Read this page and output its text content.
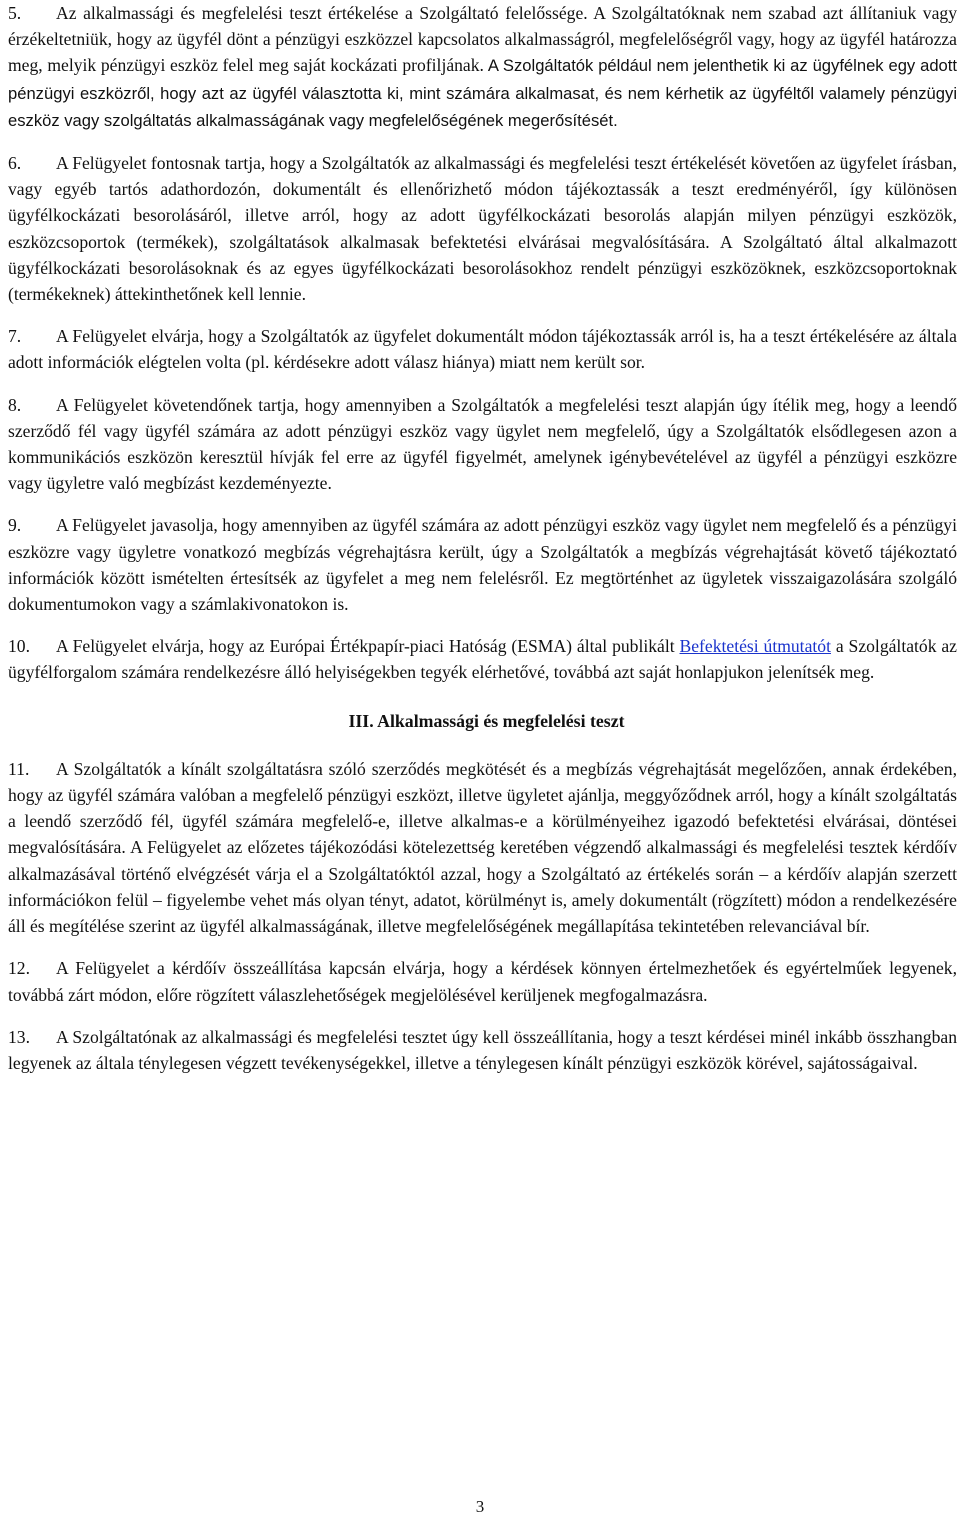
5. Az alkalmassági és megfelelési teszt értékelése a Szolgáltató felelőssége. A Szolgáltatóknak nem szabad azt állítaniuk vagy érzékeltetniük, hogy az ügyfél dönt a pénzügyi eszközzel kapcsolatos alkalmasságról, megfelelőségről vagy, hogy az ügyfél határozza meg, melyik pénzügyi eszköz felel meg saját kockázati profiljának. A Szolgáltatók például nem jelenthetik ki az ügyfélnek egy adott pénzügyi eszközről, hogy azt az ügyfél választotta ki, mint számára alkalmasat, és nem kérhetik az ügyféltől valamely pénzügyi eszköz vagy szolgáltatás alkalmasságának vagy megfelelőségének megerősítését.

6. A Felügyelet fontosnak tartja, hogy a Szolgáltatók az alkalmassági és megfelelési teszt értékelését követően az ügyfelet írásban, vagy egyéb tartós adathordozón, dokumentált és ellenőrizhető módon tájékoztassák a teszt eredményéről, így különösen ügyfélkockázati besorolásáról, illetve arról, hogy az adott ügyfélkockázati besorolás alapján milyen pénzügyi eszközök, eszközcsoportok (termékek), szolgáltatások alkalmasak befektetési elvárásai megvalósítására. A Szolgáltató által alkalmazott ügyfélkockázati besorolásoknak és az egyes ügyfélkockázati besorolásokhoz rendelt pénzügyi eszközöknek, eszközcsoportoknak (termékeknek) áttekinthetőnek kell lennie.

7. A Felügyelet elvárja, hogy a Szolgáltatók az ügyfelet dokumentált módon tájékoztassák arról is, ha a teszt értékelésére az általa adott információk elégtelen volta (pl. kérdésekre adott válasz hiánya) miatt nem került sor.

8. A Felügyelet követendőnek tartja, hogy amennyiben a Szolgáltatók a megfelelési teszt alapján úgy ítélik meg, hogy a leendő szerződő fél vagy ügyfél számára az adott pénzügyi eszköz vagy ügylet nem megfelelő, úgy a Szolgáltatók elsődlegesen azon a kommunikációs eszközön keresztül hívják fel erre az ügyfél figyelmét, amelynek igénybevételével az ügyfél a pénzügyi eszközre vagy ügyletre való megbízást kezdeményezte.

9. A Felügyelet javasolja, hogy amennyiben az ügyfél számára az adott pénzügyi eszköz vagy ügylet nem megfelelő és a pénzügyi eszközre vagy ügyletre vonatkozó megbízás végrehajtásra került, úgy a Szolgáltatók a megbízás végrehajtását követő tájékoztató információk között ismételten értesítsék az ügyfelet a meg nem felelésről. Ez megtörténhet az ügyletek visszaigazolására szolgáló dokumentumokon vagy a számlakivonatokon is.

10. A Felügyelet elvárja, hogy az Európai Értékpapír-piaci Hatóság (ESMA) által publikált Befektetési útmutatót a Szolgáltatók az ügyfélforgalom számára rendelkezésre álló helyiségekben tegyék elérhetővé, továbbá azt saját honlapjukon jelenítsék meg.

III. Alkalmassági és megfelelési teszt

11. A Szolgáltatók a kínált szolgáltatásra szóló szerződés megkötését és a megbízás végrehajtását megelőzően, annak érdekében, hogy az ügyfél számára valóban a megfelelő pénzügyi eszközt, illetve ügyletet ajánlja, meggyőződnek arról, hogy a kínált szolgáltatás a leendő szerződő fél, ügyfél számára megfelelő-e, illetve alkalmas-e a körülményeihez igazodó befektetési elvárásai, döntései megvalósítására. A Felügyelet az előzetes tájékozódási kötelezettség keretében végzendő alkalmassági és megfelelési tesztek kérdőív alkalmazásával történő elvégzését várja el a Szolgáltatóktól azzal, hogy a Szolgáltató az értékelés során – a kérdőív alapján szerzett információkon felül – figyelembe vehet más olyan tényt, adatot, körülményt is, amely dokumentált (rögzített) módon a rendelkezésére áll és megítélése szerint az ügyfél alkalmasságának, illetve megfelelőségének megállapítása tekintetében relevanciával bír.

12. A Felügyelet a kérdőív összeállítása kapcsán elvárja, hogy a kérdések könnyen értelmezhetőek és egyértelműek legyenek, továbbá zárt módon, előre rögzített válaszlehetőségek megjelölésével kerüljenek megfogalmazásra.

13. A Szolgáltatónak az alkalmassági és megfelelési tesztet úgy kell összeállítania, hogy a teszt kérdései minél inkább összhangban legyenek az általa ténylegesen végzett tevékenységekkel, illetve a ténylegesen kínált pénzügyi eszközök körével, sajátosságaival.

3
